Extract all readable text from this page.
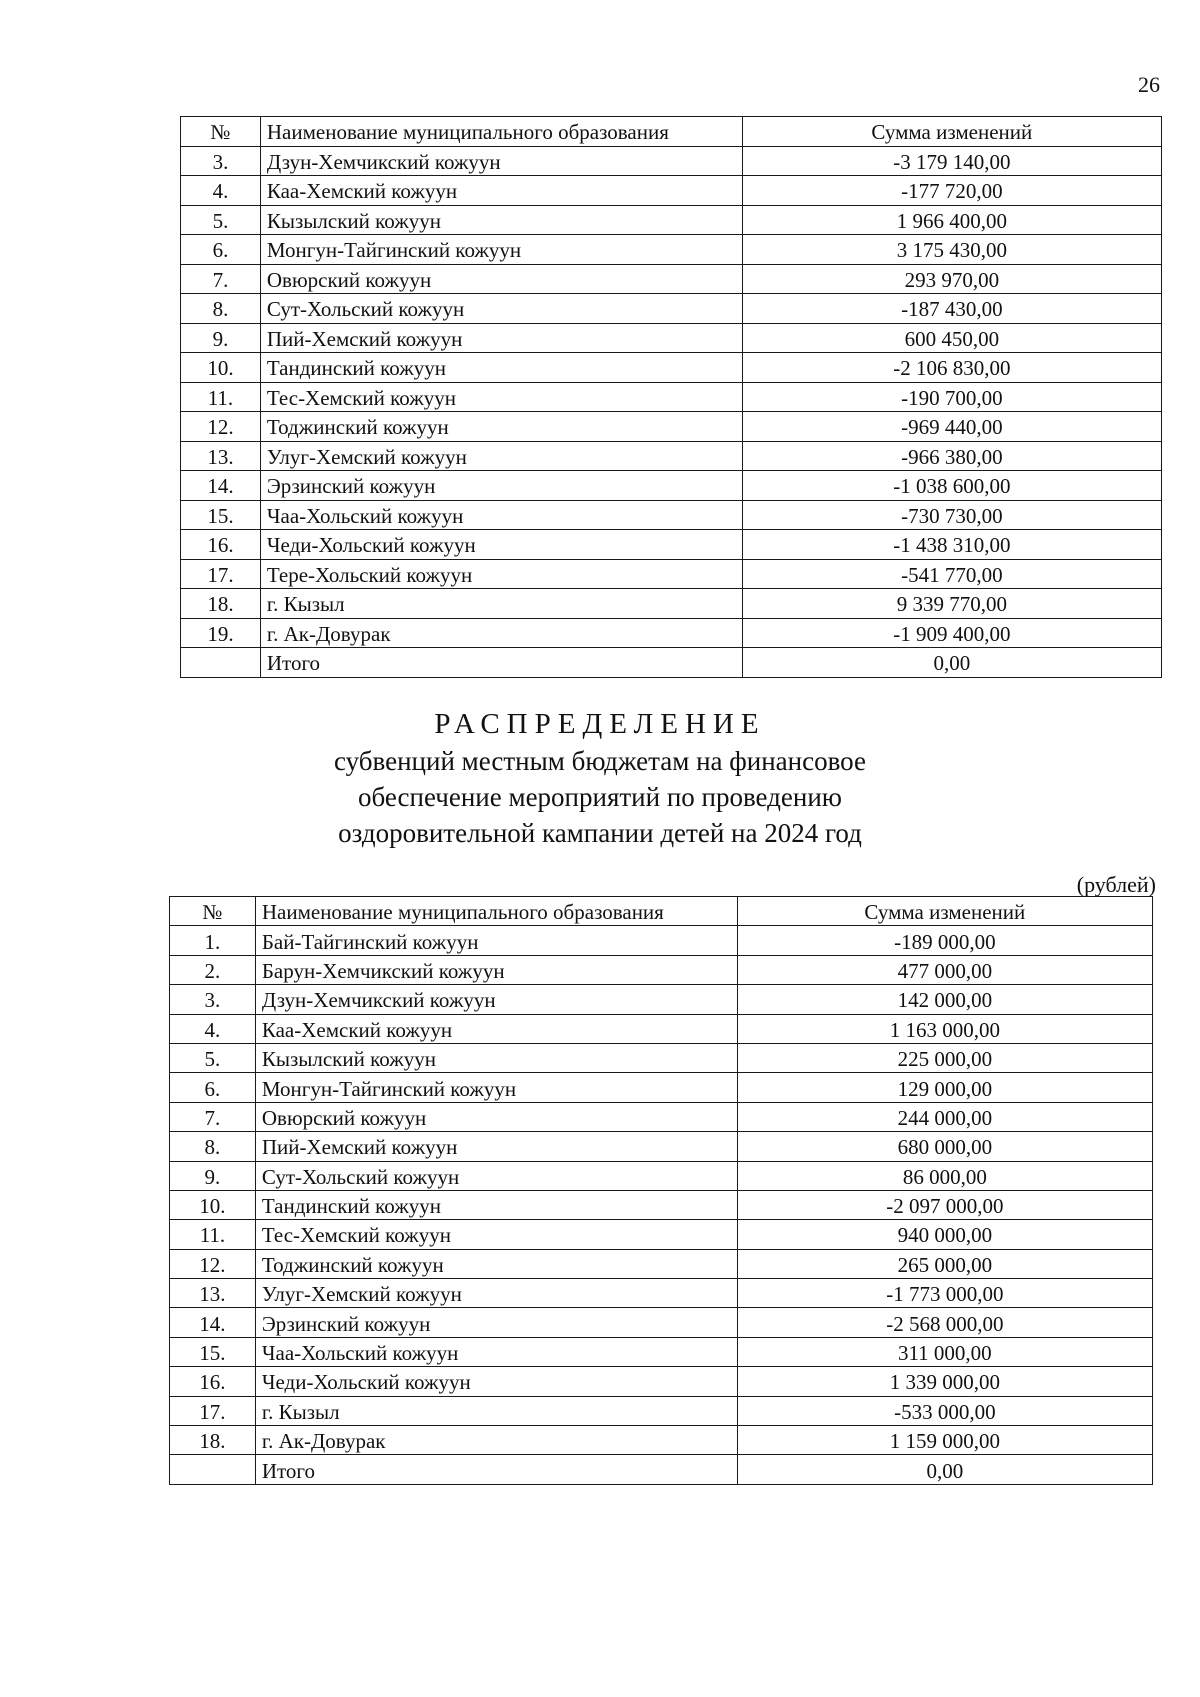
26
№	Наименование муниципального образования	Сумма изменений
3.	Дзун-Хемчикский кожуун	-3 179 140,00
4.	Каа-Хемский кожуун	-177 720,00
5.	Кызылский кожуун	1 966 400,00
6.	Монгун-Тайгинский кожуун	3 175 430,00
7.	Овюрский кожуун	293 970,00
8.	Сут-Хольский кожуун	-187 430,00
9.	Пий-Хемский кожуун	600 450,00
10.	Тандинский кожуун	-2 106 830,00
11.	Тес-Хемский кожуун	-190 700,00
12.	Тоджинский кожуун	-969 440,00
13.	Улуг-Хемский кожуун	-966 380,00
14.	Эрзинский кожуун	-1 038 600,00
15.	Чаа-Хольский кожуун	-730 730,00
16.	Чеди-Хольский кожуун	-1 438 310,00
17.	Тере-Хольский кожуун	-541 770,00
18.	г. Кызыл	9 339 770,00
19.	г. Ак-Довурак	-1 909 400,00
	Итого	0,00
РАСПРЕДЕЛЕНИЕ
субвенций местным бюджетам на финансовое
обеспечение мероприятий по проведению
оздоровительной кампании детей на 2024 год
(рублей)
№	Наименование муниципального образования	Сумма изменений
1.	Бай-Тайгинский кожуун	-189 000,00
2.	Барун-Хемчикский кожуун	477 000,00
3.	Дзун-Хемчикский кожуун	142 000,00
4.	Каа-Хемский кожуун	1 163 000,00
5.	Кызылский кожуун	225 000,00
6.	Монгун-Тайгинский кожуун	129 000,00
7.	Овюрский кожуун	244 000,00
8.	Пий-Хемский кожуун	680 000,00
9.	Сут-Хольский кожуун	86 000,00
10.	Тандинский кожуун	-2 097 000,00
11.	Тес-Хемский кожуун	940 000,00
12.	Тоджинский кожуун	265 000,00
13.	Улуг-Хемский кожуун	-1 773 000,00
14.	Эрзинский кожуун	-2 568 000,00
15.	Чаа-Хольский кожуун	311 000,00
16.	Чеди-Хольский кожуун	1 339 000,00
17.	г. Кызыл	-533 000,00
18.	г. Ак-Довурак	1 159 000,00
	Итого	0,00
